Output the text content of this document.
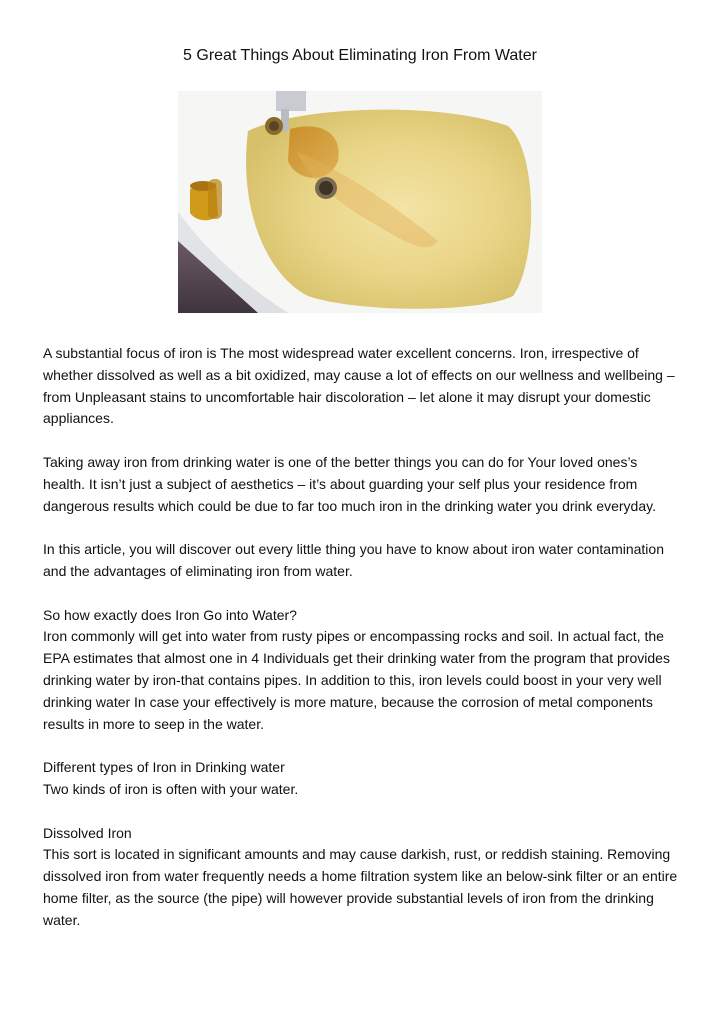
5 Great Things About Eliminating Iron From Water

A substantial focus of iron is The most widespread water excellent concerns. Iron, irrespective of whether dissolved as well as a bit oxidized, may cause a lot of effects on our wellness and wellbeing – from Unpleasant stains to uncomfortable hair discoloration – let alone it may disrupt your domestic appliances.

Taking away iron from drinking water is one of the better things you can do for Your loved ones’s health. It isn’t just a subject of aesthetics – it’s about guarding your self plus your residence from dangerous results which could be due to far too much iron in the drinking water you drink everyday.

In this article, you will discover out every little thing you have to know about iron water contamination and the advantages of eliminating iron from water.

So how exactly does Iron Go into Water?

Iron commonly will get into water from rusty pipes or encompassing rocks and soil. In actual fact, the EPA estimates that almost one in 4 Individuals get their drinking water from the program that provides drinking water by iron-that contains pipes. In addition to this, iron levels could boost in your very well drinking water In case your effectively is more mature, because the corrosion of metal components results in more to seep in the water.

Different types of Iron in Drinking water

Two kinds of iron is often with your water.

Dissolved Iron

This sort is located in significant amounts and may cause darkish, rust, or reddish staining. Removing dissolved iron from water frequently needs a home filtration system like an below-sink filter or an entire home filter, as the source (the pipe) will however provide substantial levels of iron from the drinking water.
